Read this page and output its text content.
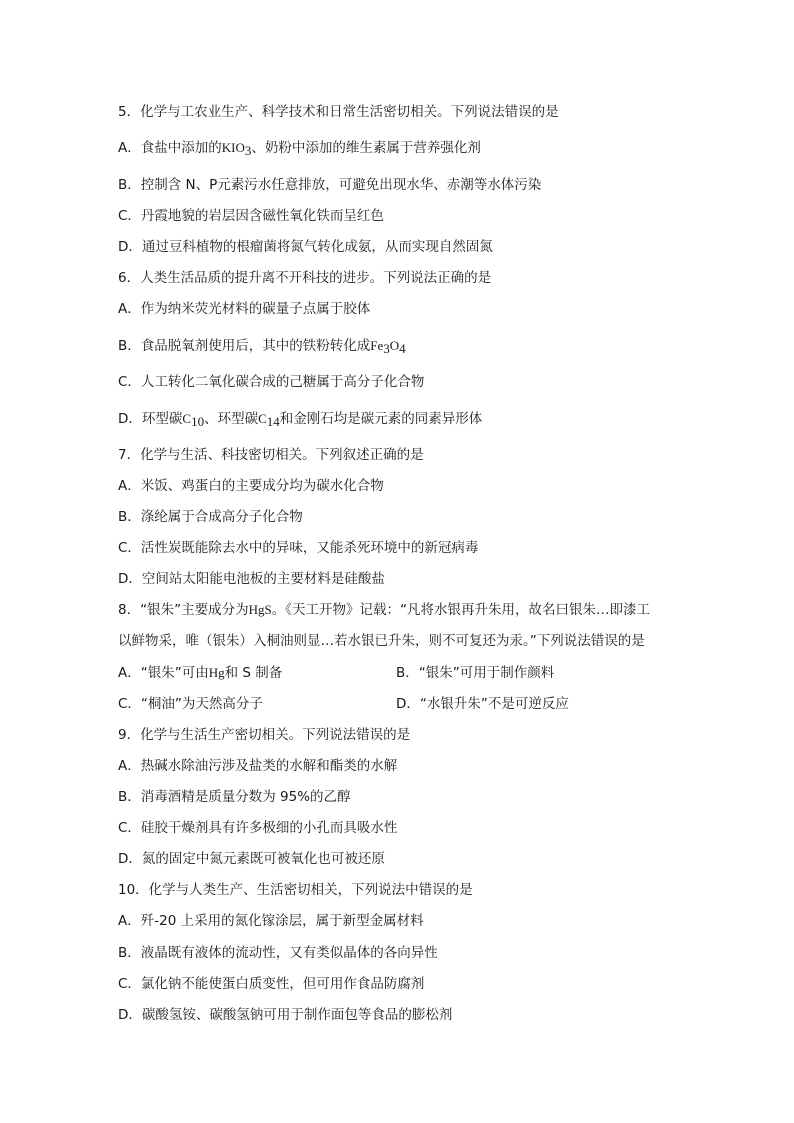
5．化学与工农业生产、科学技术和日常生活密切相关。下列说法错误的是
A．食盐中添加的KIO3、奶粉中添加的维生素属于营养强化剂
B．控制含 N、P元素污水任意排放，可避免出现水华、赤潮等水体污染
C．丹霞地貌的岩层因含磁性氧化铁而呈红色
D．通过豆科植物的根瘤菌将氮气转化成氨，从而实现自然固氮
6．人类生活品质的提升离不开科技的进步。下列说法正确的是
A．作为纳米荧光材料的碳量子点属于胶体
B．食品脱氧剂使用后，其中的铁粉转化成Fe3O4
C．人工转化二氧化碳合成的己糖属于高分子化合物
D．环型碳C10、环型碳C14和金刚石均是碳元素的同素异形体
7．化学与生活、科技密切相关。下列叙述正确的是
A．米饭、鸡蛋白的主要成分均为碳水化合物
B．涤纶属于合成高分子化合物
C．活性炭既能除去水中的异味，又能杀死环境中的新冠病毒
D．空间站太阳能电池板的主要材料是硅酸盐
8．“银朱”主要成分为HgS。《天工开物》记载：“凡将水银再升朱用，故名曰银朱…即漆工
以鲜物采，唯（银朱）入桐油则显…若水银已升朱，则不可复还为汞。”下列说法错误的是
A．“银朱”可由Hg和 S 制备	B．“银朱”可用于制作颜料
C．“桐油”为天然高分子	D．“水银升朱”不是可逆反应
9．化学与生活生产密切相关。下列说法错误的是
A．热碱水除油污涉及盐类的水解和酯类的水解
B．消毒酒精是质量分数为 95%的乙醇
C．硅胶干燥剂具有许多极细的小孔而具吸水性
D．氮的固定中氮元素既可被氧化也可被还原
10．化学与人类生产、生活密切相关，下列说法中错误的是
A．歼-20 上采用的氮化镓涂层，属于新型金属材料
B．液晶既有液体的流动性，又有类似晶体的各向异性
C．氯化钠不能使蛋白质变性，但可用作食品防腐剂
D．碳酸氢铵、碳酸氢钠可用于制作面包等食品的膨松剂
